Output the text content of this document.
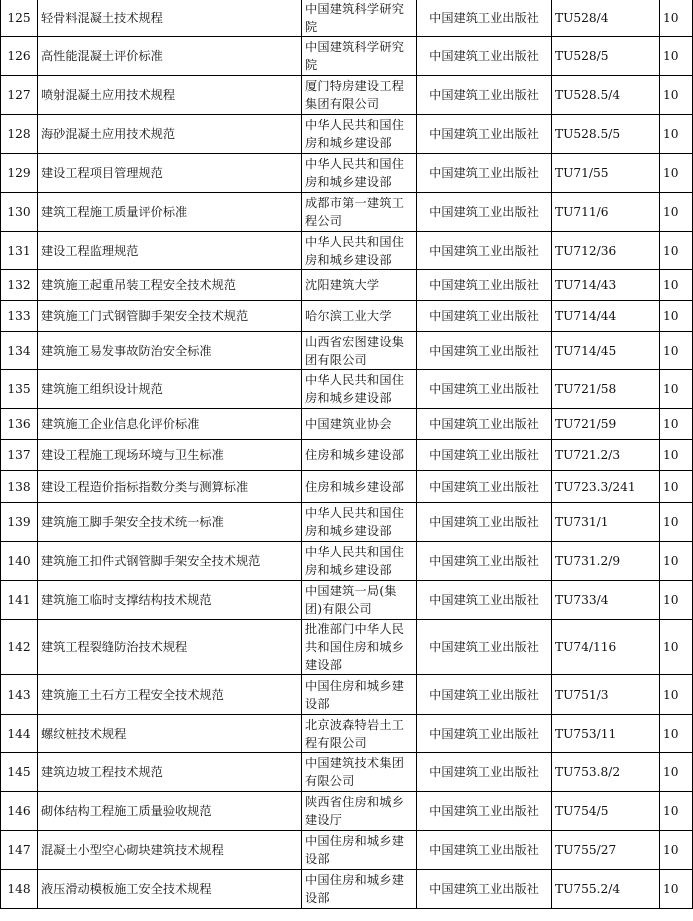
125	轻骨料混凝土技术规程	中国建筑科学研究院	中国建筑工业出版社	TU528/4	10
126	高性能混凝土评价标准	中国建筑科学研究院	中国建筑工业出版社	TU528/5	10
127	喷射混凝土应用技术规程	厦门特房建设工程集团有限公司	中国建筑工业出版社	TU528.5/4	10
128	海砂混凝土应用技术规范	中华人民共和国住房和城乡建设部	中国建筑工业出版社	TU528.5/5	10
129	建设工程项目管理规范	中华人民共和国住房和城乡建设部	中国建筑工业出版社	TU71/55	10
130	建筑工程施工质量评价标准	成都市第一建筑工程公司	中国建筑工业出版社	TU711/6	10
131	建设工程监理规范	中华人民共和国住房和城乡建设部	中国建筑工业出版社	TU712/36	10
132	建筑施工起重吊装工程安全技术规范	沈阳建筑大学	中国建筑工业出版社	TU714/43	10
133	建筑施工门式钢管脚手架安全技术规范	哈尔滨工业大学	中国建筑工业出版社	TU714/44	10
134	建筑施工易发事故防治安全标准	山西省宏图建设集团有限公司	中国建筑工业出版社	TU714/45	10
135	建筑施工组织设计规范	中华人民共和国住房和城乡建设部	中国建筑工业出版社	TU721/58	10
136	建筑施工企业信息化评价标准	中国建筑业协会	中国建筑工业出版社	TU721/59	10
137	建设工程施工现场环境与卫生标准	住房和城乡建设部	中国建筑工业出版社	TU721.2/3	10
138	建设工程造价指标指数分类与测算标准	住房和城乡建设部	中国建筑工业出版社	TU723.3/241	10
139	建筑施工脚手架安全技术统一标准	中华人民共和国住房和城乡建设部	中国建筑工业出版社	TU731/1	10
140	建筑施工扣件式钢管脚手架安全技术规范	中华人民共和国住房和城乡建设部	中国建筑工业出版社	TU731.2/9	10
141	建筑施工临时支撑结构技术规范	中国建筑一局(集团)有限公司	中国建筑工业出版社	TU733/4	10
142	建筑工程裂缝防治技术规程	批准部门中华人民共和国住房和城乡建设部	中国建筑工业出版社	TU74/116	10
143	建筑施工土石方工程安全技术规范	中国住房和城乡建设部	中国建筑工业出版社	TU751/3	10
144	螺纹桩技术规程	北京波森特岩土工程有限公司	中国建筑工业出版社	TU753/11	10
145	建筑边坡工程技术规范	中国建筑技术集团有限公司	中国建筑工业出版社	TU753.8/2	10
146	砌体结构工程施工质量验收规范	陕西省住房和城乡建设厅	中国建筑工业出版社	TU754/5	10
147	混凝土小型空心砌块建筑技术规程	中国住房和城乡建设部	中国建筑工业出版社	TU755/27	10
148	液压滑动模板施工安全技术规程	中国住房和城乡建设部	中国建筑工业出版社	TU755.2/4	10
